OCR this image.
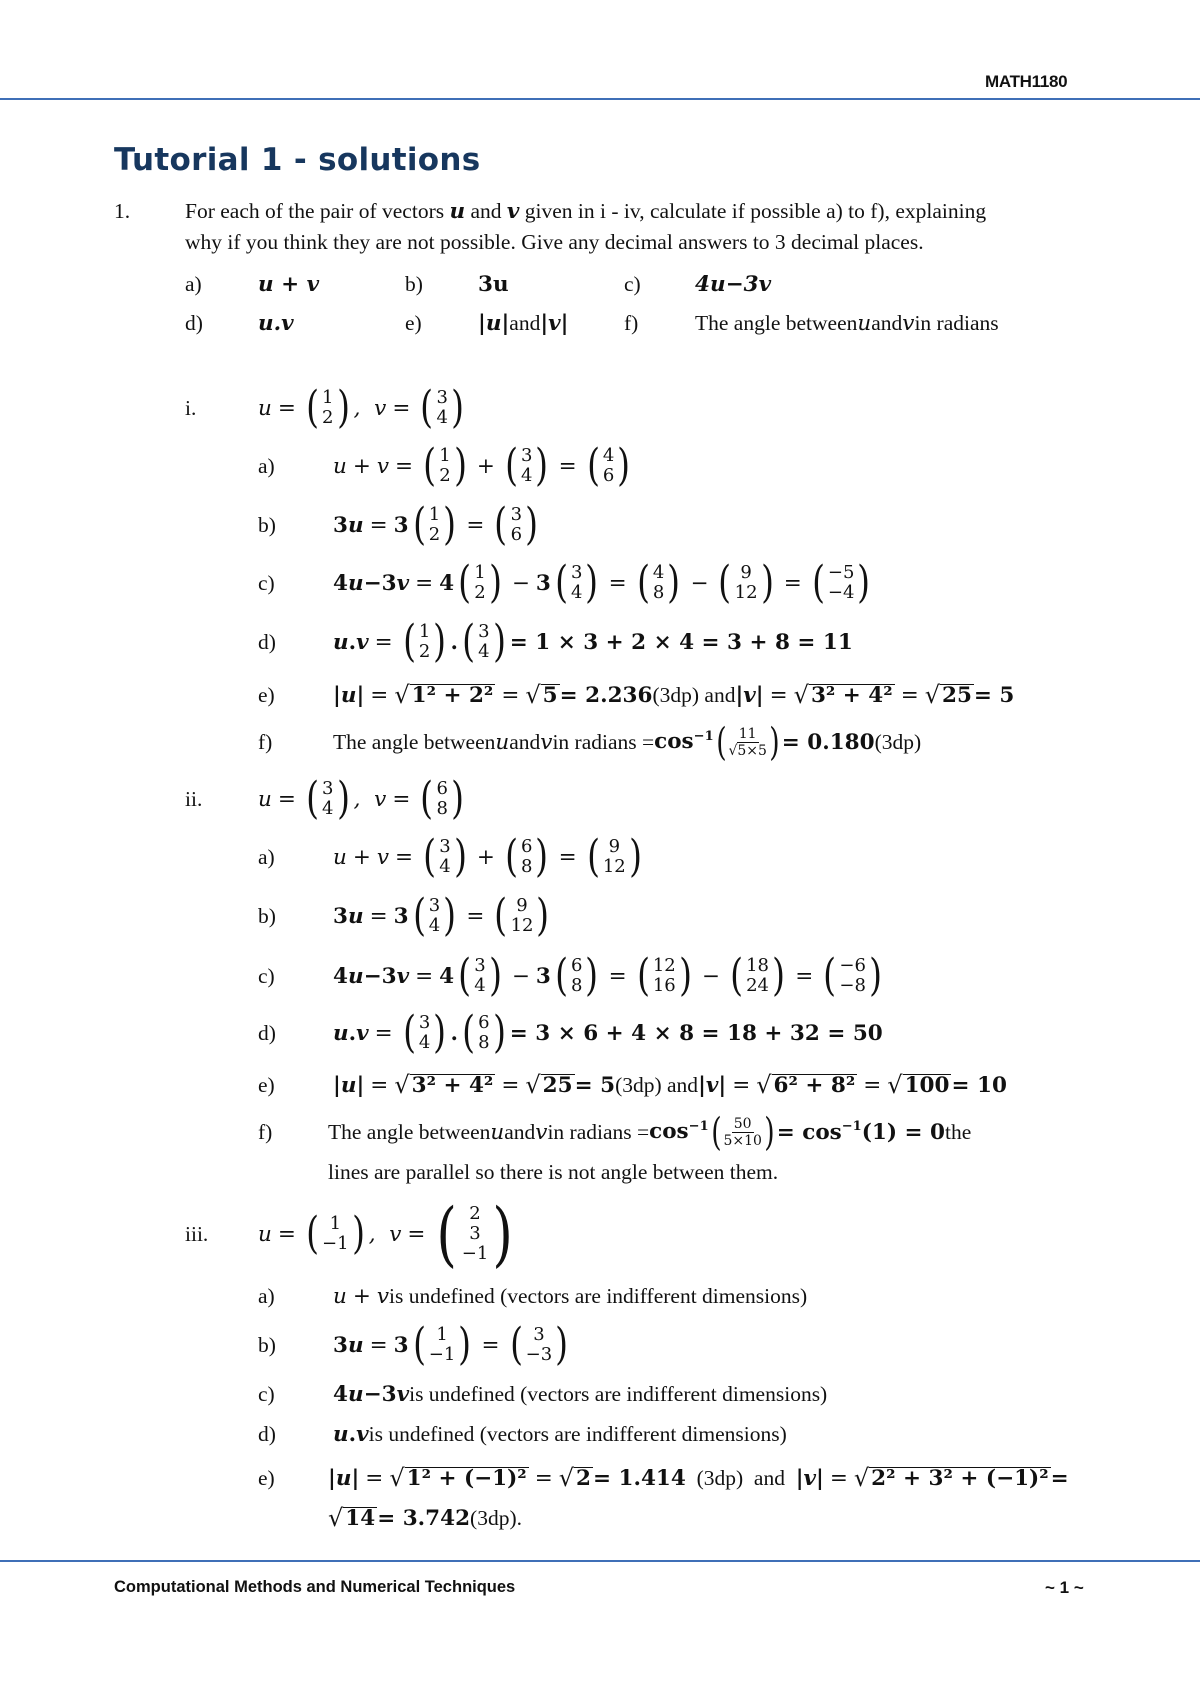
MATH1180
Tutorial 1 - solutions
1.	For each of the pair of vectors u and v given in i - iv, calculate if possible a) to f), explaining
why if you think they are not possible. Give any decimal answers to 3 decimal places.
a)	u + v	b)	3u	c)	4u−3v
d)	u.v	e)	|u| and |v|	f)	The angle between u and v in radians
i.	u = ( 1
2 ) ,  v = ( 3
4 )
a)	u + v = ( 1
2 ) + ( 3
4 ) = ( 4
6 )
b)	3 u = 3 ( 1
2 ) = ( 3
6 )
c)	4 u −3 v = 4 ( 1
2 ) − 3 ( 3
4 ) = ( 4
8 ) − ( 9
12 ) = ( −5
−4 )
d)	u . v = ( 1
2 ) . ( 3
4 ) = 1 × 3 + 2 × 4 = 3 + 8 = 11
e)	| u | = √ 1² + 2² = √ 5 = 2.236 (3dp) and | v | = √ 3² + 4² = √ 25 = 5
f)	The angle between u and v in radians = $\cos^{-1}$ ( $\frac{11}{√5\times 5}$ ) = 0.180 (3dp)
ii.	u = ( 3
4 ) ,  v = ( 6
8 )
a)	u + v = ( 3
4 ) + ( 6
8 ) = ( 9
12 )
b)	3 u = 3 ( 3
4 ) = ( 9
12 )
c)	4 u −3 v = 4 ( 3
4 ) − 3 ( 6
8 ) = ( 12
16 ) − ( 18
24 ) = ( −6
−8 )
d)	u . v = ( 3
4 ) . ( 6
8 ) = 3 × 6 + 4 × 8 = 18 + 32 = 50
e)	| u | = √ 3² + 4² = √ 25 = 5 (3dp) and | v | = √ 6² + 8² = √ 100 = 10
f)	The angle between u and v in radians = $\cos^{-1}$ ( $\frac{50}{5\times 10}$ ) = cos $^{-1}$ (1) = 0 the
lines are parallel so there is not angle between them.
iii. u = ( 1
−1 ) ,  v = ( 2
3
−1 )
a)	u + v is undefined (vectors are indifferent dimensions)
b)	3 u = 3 ( 1
−1 ) = ( 3
−3 )
c)	4 u −3 v is undefined (vectors are indifferent dimensions)
d)	u . v is undefined (vectors are indifferent dimensions)
e) | u | = √ 1² + (−1)² = √ 2 = 1.414 (3dp)  and | v | = √ 2² + 3² + (−1)² =
√ 14 = 3.742 (3dp).
Computational Methods and Numerical Techniques	~ 1 ~
